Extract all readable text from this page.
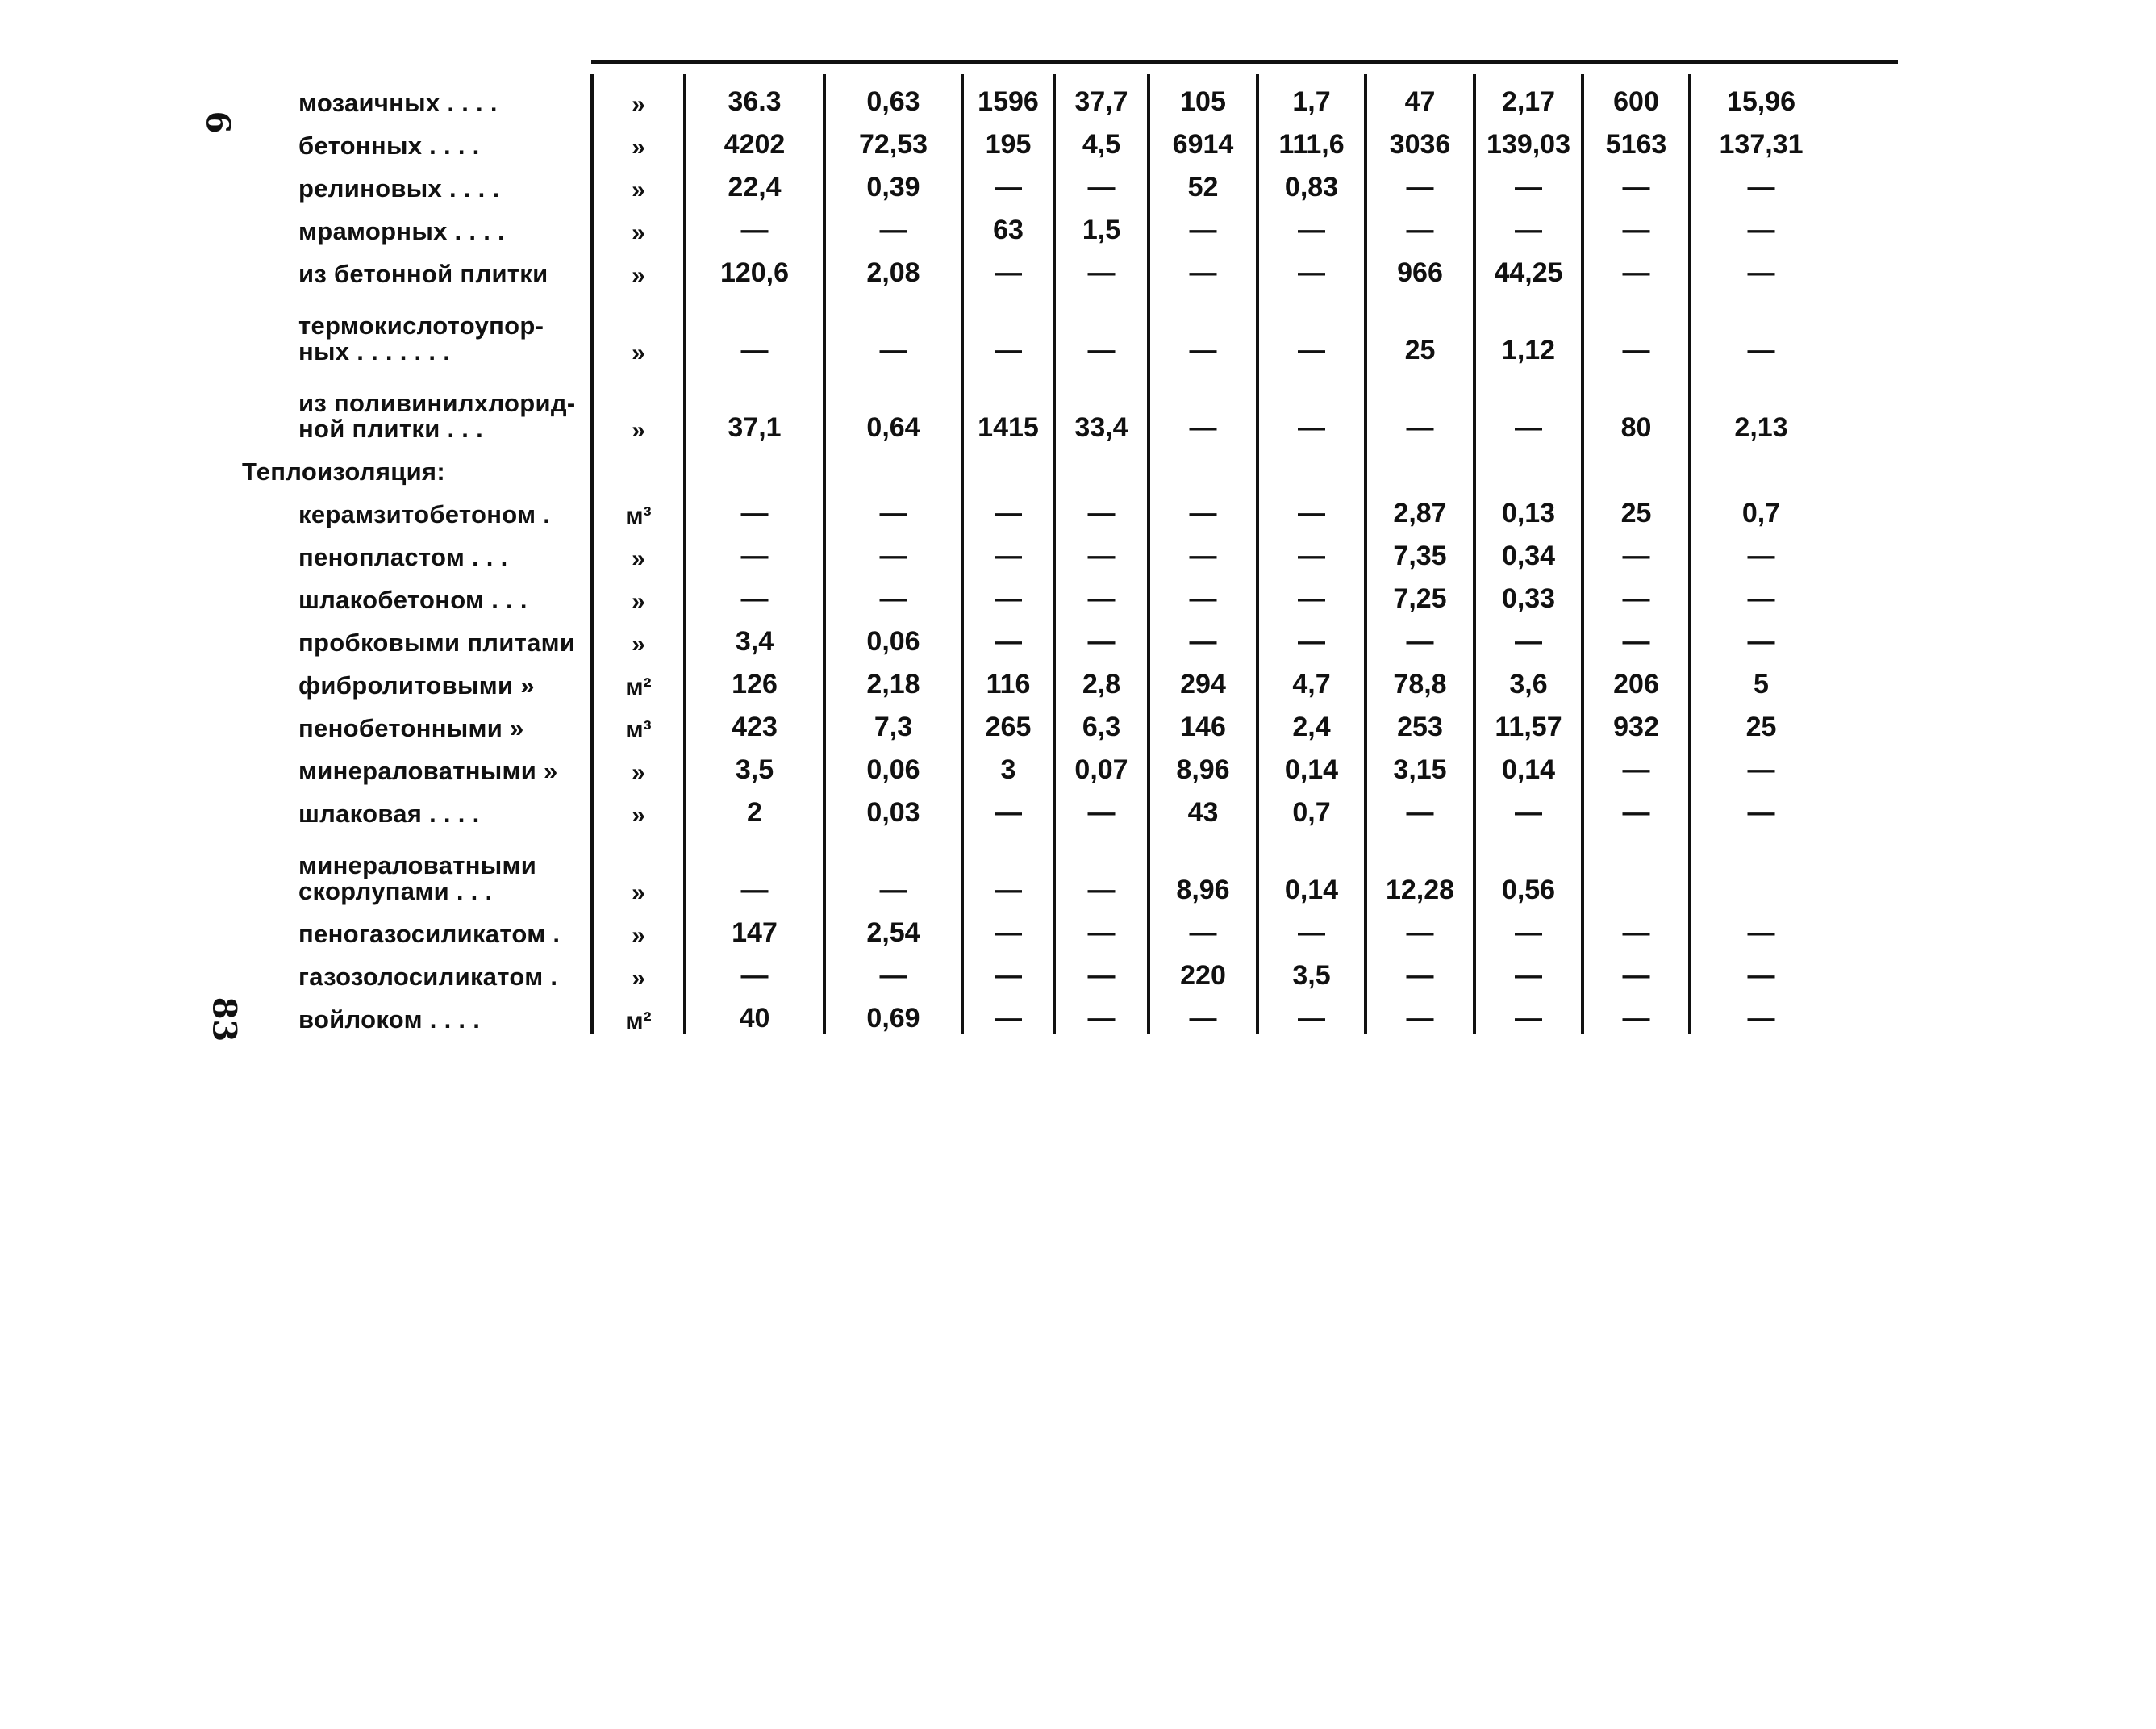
6
83
мозаичных . . . .	»	36.3	0,63	1596	37,7	105	1,7	47	2,17	600	15,96
бетонных . . . .	»	4202	72,53	195	4,5	6914	111,6	3036	139,03	5163	137,31
релиновых . . . .	»	22,4	0,39	—	—	52	0,83	—	—	—	—
мраморных . . . .	»	—	—	63	1,5	—	—	—	—	—	—
из бетонной плитки	»	120,6	2,08	—	—	—	—	966	44,25	—	—
термокислотоупор-ных . . . . . . .	»	—	—	—	—	—	—	25	1,12	—	—
из поливинилхлорид-ной плитки . . .	»	37,1	0,64	1415	33,4	—	—	—	—	80	2,13
Теплоизоляция:											
керамзитобетоном .	м³	—	—	—	—	—	—	2,87	0,13	25	0,7
пенопластом . . .	»	—	—	—	—	—	—	7,35	0,34	—	—
шлакобетоном . . .	»	—	—	—	—	—	—	7,25	0,33	—	—
пробковыми плитами	»	3,4	0,06	—	—	—	—	—	—	—	—
фибролитовыми »	м²	126	2,18	116	2,8	294	4,7	78,8	3,6	206	5
пенобетонными »	м³	423	7,3	265	6,3	146	2,4	253	11,57	932	25
минераловатными »	»	3,5	0,06	3	0,07	8,96	0,14	3,15	0,14	—	—
шлаковая . . . .	»	2	0,03	—	—	43	0,7	—	—	—	—
минераловатными скорлупами . . .	»	—	—	—	—	8,96	0,14	12,28	0,56		
пеногазосиликатом .	»	147	2,54	—	—	—	—	—	—	—	—
газозолосиликатом .	»	—	—	—	—	220	3,5	—	—	—	—
войлоком . . . .	м²	40	0,69	—	—	—	—	—	—	—	—
